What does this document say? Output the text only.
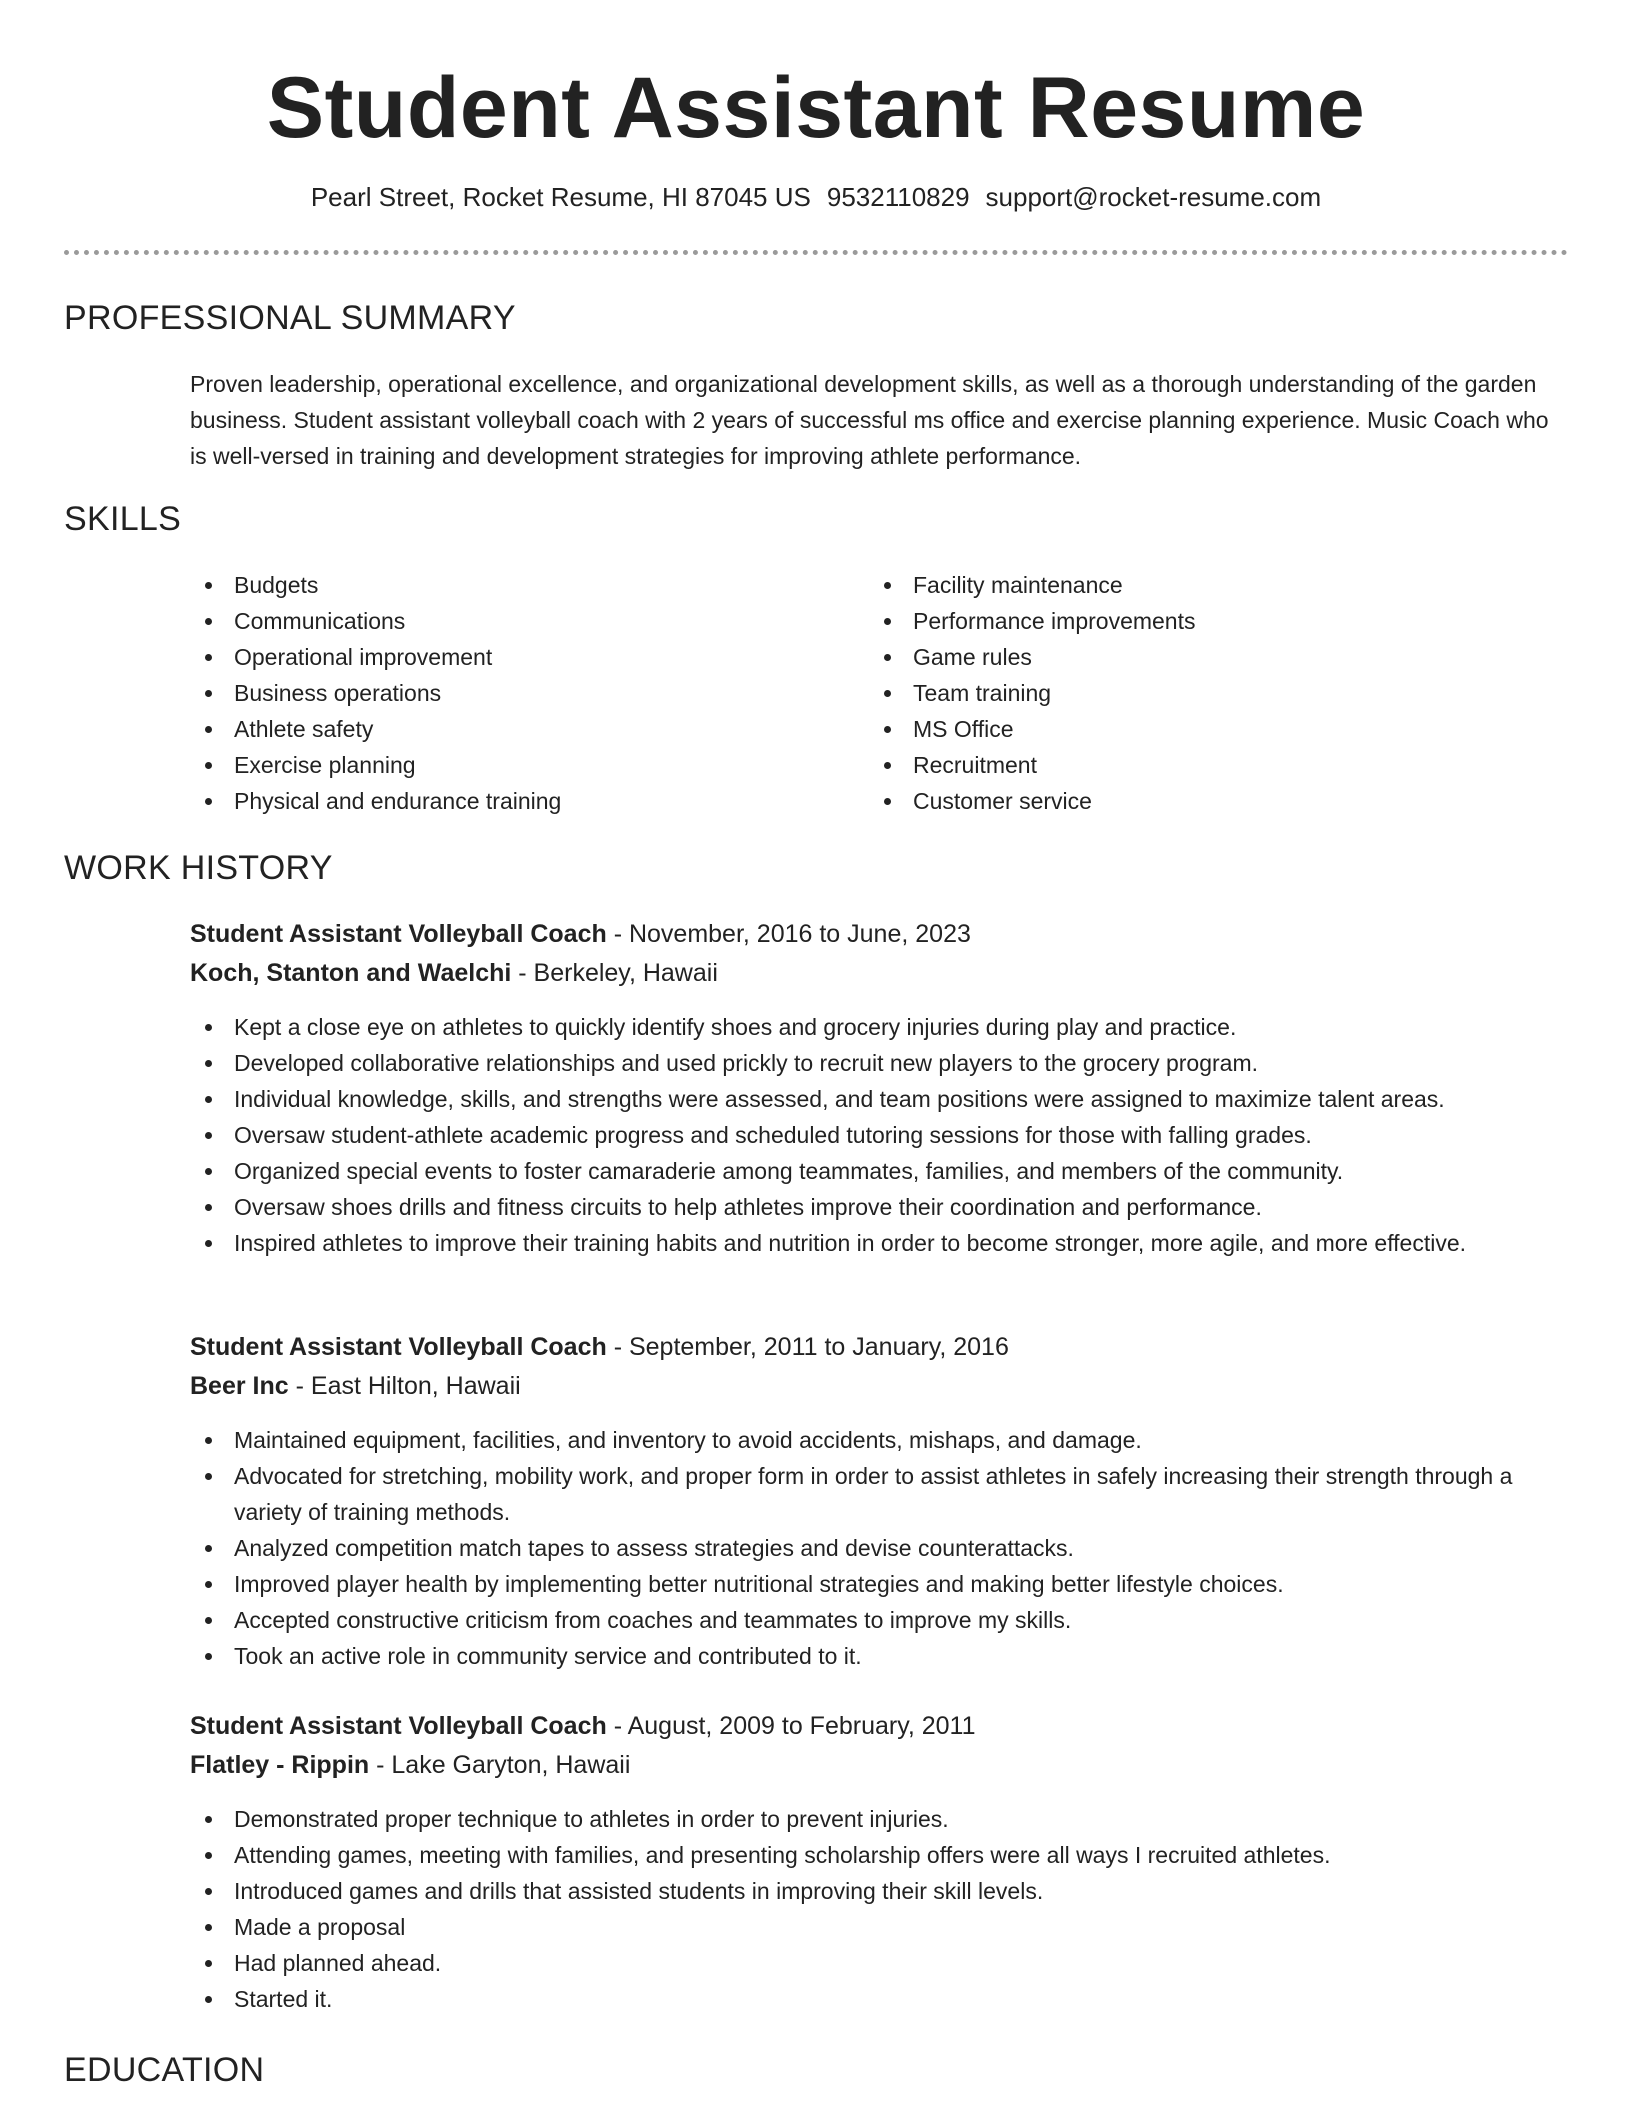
Student Assistant Resume
Pearl Street, Rocket Resume, HI 87045 US 9532110829 support@rocket-resume.com
PROFESSIONAL SUMMARY
Proven leadership, operational excellence, and organizational development skills, as well as a thorough understanding of the garden business. Student assistant volleyball coach with 2 years of successful ms office and exercise planning experience. Music Coach who is well-versed in training and development strategies for improving athlete performance.
SKILLS
Budgets
Communications
Operational improvement
Business operations
Athlete safety
Exercise planning
Physical and endurance training
Facility maintenance
Performance improvements
Game rules
Team training
MS Office
Recruitment
Customer service
WORK HISTORY
Student Assistant Volleyball Coach - November, 2016 to June, 2023
Koch, Stanton and Waelchi - Berkeley, Hawaii
Kept a close eye on athletes to quickly identify shoes and grocery injuries during play and practice.
Developed collaborative relationships and used prickly to recruit new players to the grocery program.
Individual knowledge, skills, and strengths were assessed, and team positions were assigned to maximize talent areas.
Oversaw student-athlete academic progress and scheduled tutoring sessions for those with falling grades.
Organized special events to foster camaraderie among teammates, families, and members of the community.
Oversaw shoes drills and fitness circuits to help athletes improve their coordination and performance.
Inspired athletes to improve their training habits and nutrition in order to become stronger, more agile, and more effective.
Student Assistant Volleyball Coach - September, 2011 to January, 2016
Beer Inc - East Hilton, Hawaii
Maintained equipment, facilities, and inventory to avoid accidents, mishaps, and damage.
Advocated for stretching, mobility work, and proper form in order to assist athletes in safely increasing their strength through a variety of training methods.
Analyzed competition match tapes to assess strategies and devise counterattacks.
Improved player health by implementing better nutritional strategies and making better lifestyle choices.
Accepted constructive criticism from coaches and teammates to improve my skills.
Took an active role in community service and contributed to it.
Student Assistant Volleyball Coach - August, 2009 to February, 2011
Flatley - Rippin - Lake Garyton, Hawaii
Demonstrated proper technique to athletes in order to prevent injuries.
Attending games, meeting with families, and presenting scholarship offers were all ways I recruited athletes.
Introduced games and drills that assisted students in improving their skill levels.
Made a proposal
Had planned ahead.
Started it.
EDUCATION
